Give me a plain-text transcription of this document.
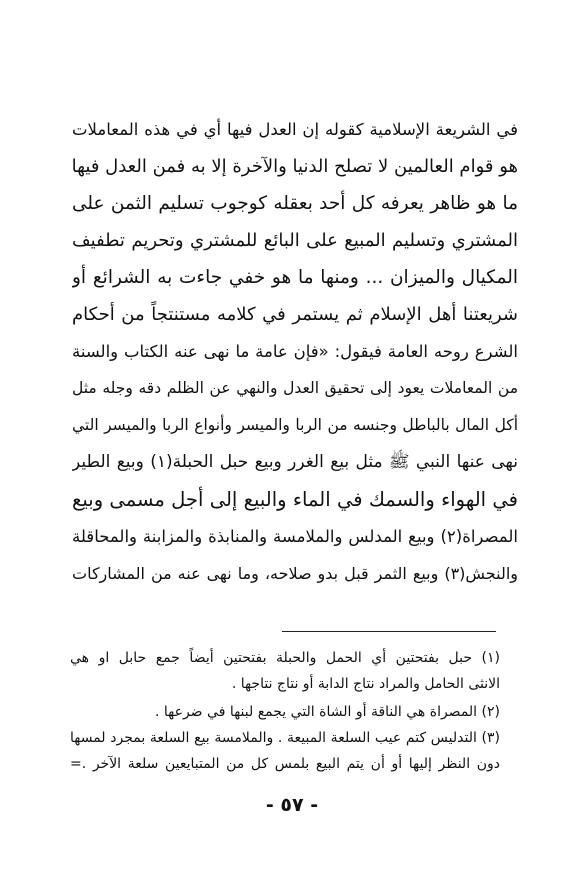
في الشريعة الإسلامية كقوله إن العدل فيها أي في هذه المعاملات
هو قوام العالمين لا تصلح الدنيا والآخرة إلا به فمن العدل فيها
ما هو ظاهر يعرفه كل أحد بعقله كوجوب تسليم الثمن على
المشتري وتسليم المبيع على البائع للمشتري وتحريم تطفيف
المكيال والميزان ... ومنها ما هو خفي جاءت به الشرائع أو
شريعتنا أهل الإسلام ثم يستمر في كلامه مستنتجاً من أحكام
الشرع روحه العامة فيقول: «فإن عامة ما نهى عنه الكتاب والسنة
من المعاملات يعود إلى تحقيق العدل والنهي عن الظلم دقه وجله مثل
أكل المال بالباطل وجنسه من الربا والميسر وأنواع الربا والميسر التي
نهى عنها النبي ﷺ مثل بيع الغرر وبيع حبل الحبلة(١) وبيع الطير
في الهواء والسمك في الماء والبيع إلى أجل مسمى وبيع
المصراة(٢) وبيع المدلس والملامسة والمنابذة والمزابنة والمحاقلة
والنجش(٣) وبيع الثمر قبل بدو صلاحه، وما نهى عنه من المشاركات
(١) حبل بفتحتين أي الحمل والحبلة بفتحتين أيضاً جمع حابل او هي
الانثى الحامل والمراد نتاج الدابة أو نتاج نتاجها .
(٢) المصراة هي الناقة أو الشاة التي يجمع لبنها في ضرعها .
(٣) التدليس كتم عيب السلعة المبيعة . والملامسة بيع السلعة بمجرد لمسها
دون النظر إليها أو أن يتم البيع بلمس كل من المتبايعين سلعة الآخر .=
- ٥٧ -
